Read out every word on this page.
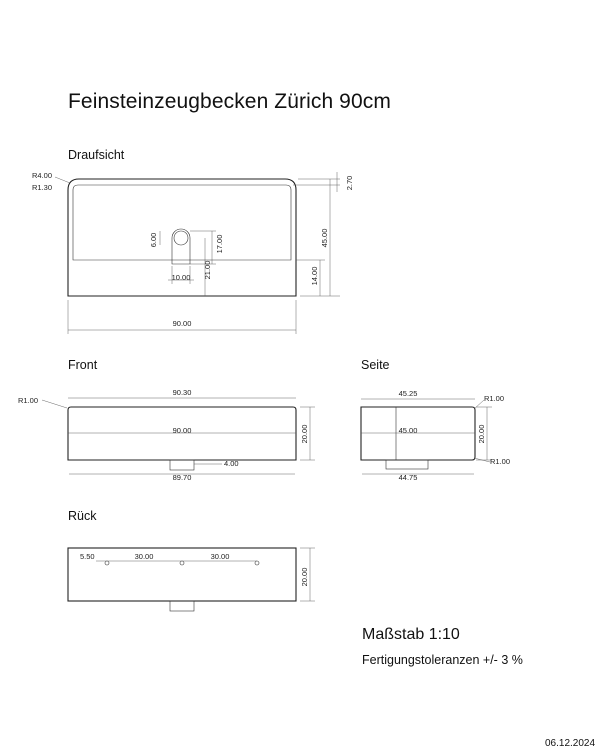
Feinsteinzeugbecken Zürich 90cm
Draufsicht
Front	Seite
Rück
Maßstab 1:10
Fertigungstoleranzen +/- 3 %
06.12.2024
90.00
10.00
R4.00
R1.30
45.00
2.70
14.00
17.00
21.00
6.00
90.30
90.00
89.70
R1.00
4.00
20.00
45.25
45.00
44.75
R1.00
R1.00
20.00
5.50	30.00	30.00
20.00
